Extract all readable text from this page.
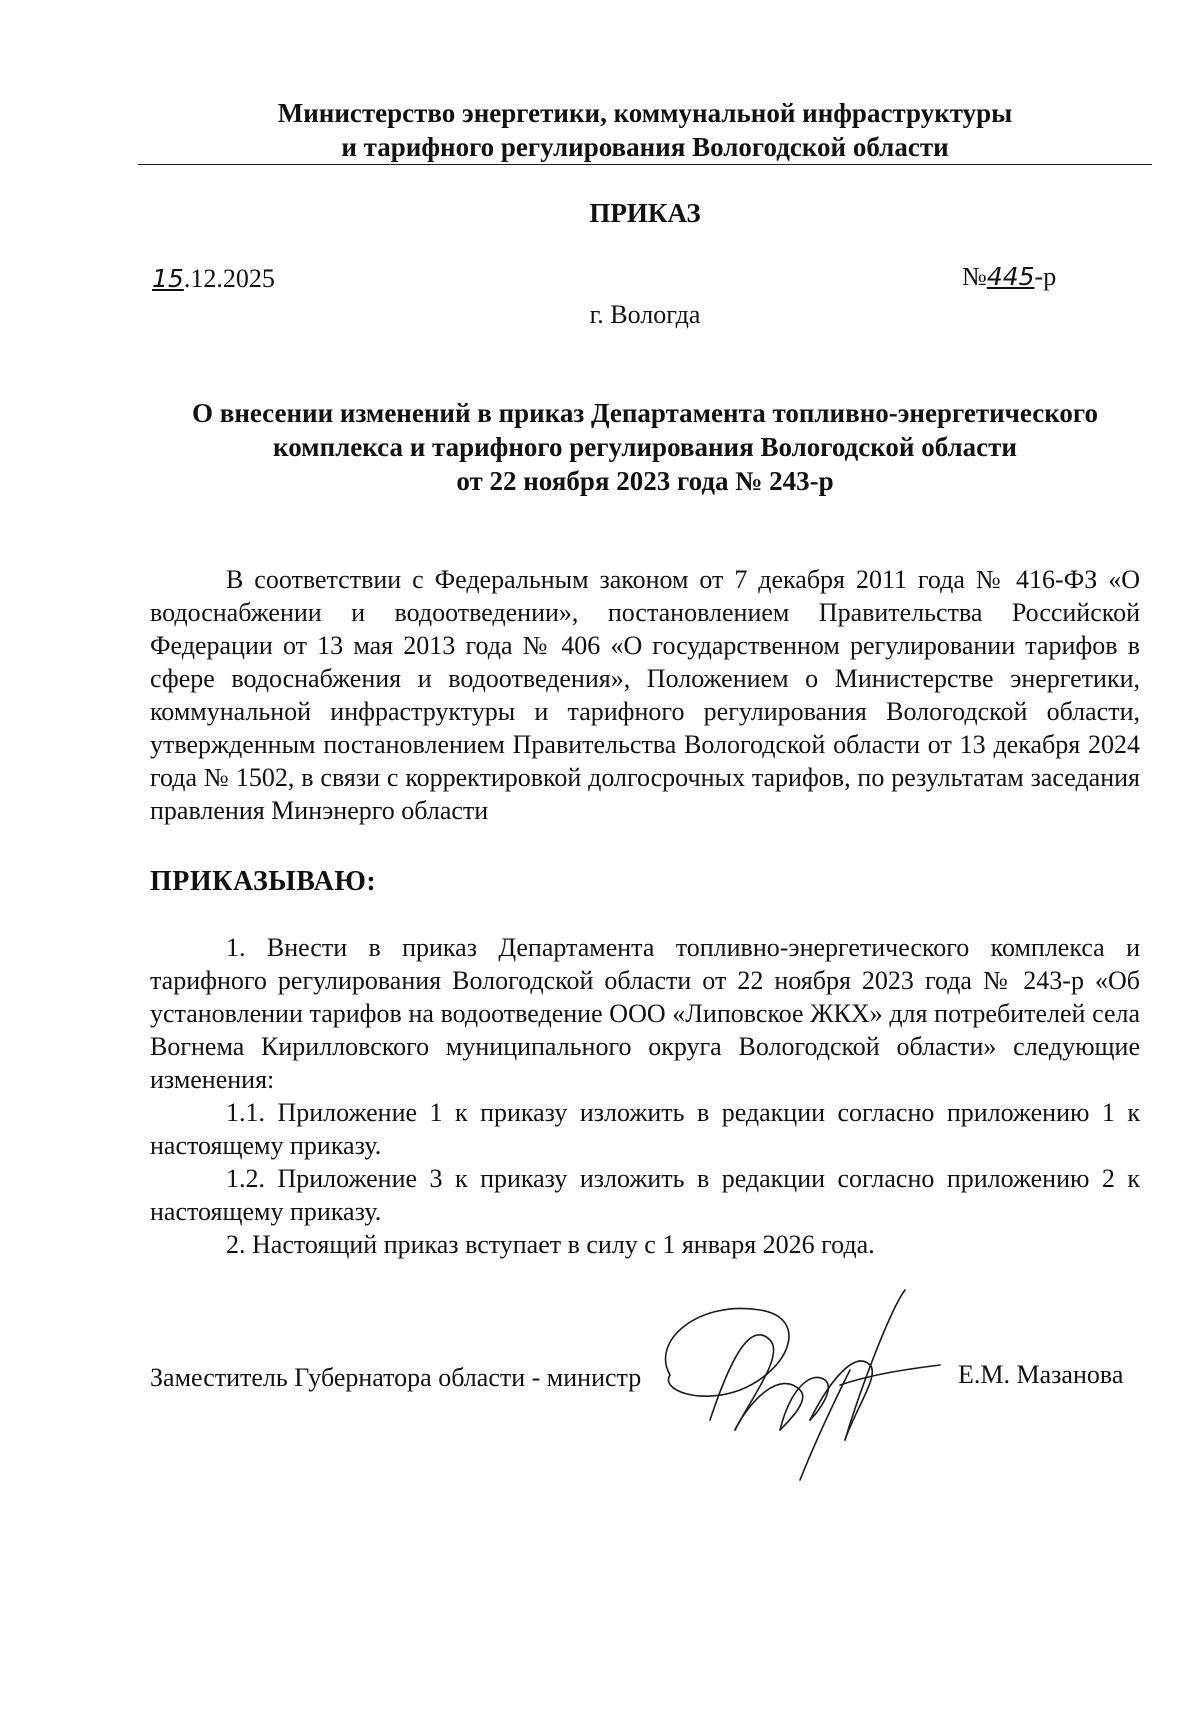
Министерство энергетики, коммунальной инфраструктуры
и тарифного регулирования Вологодской области
ПРИКАЗ
15.12.2025	№445-р
г. Вологда
О внесении изменений в приказ Департамента топливно-энергетического
комплекса и тарифного регулирования Вологодской области
от 22 ноября 2023 года № 243-р

В соответствии с Федеральным законом от 7 декабря 2011 года № 416-ФЗ «О водоснабжении и водоотведении», постановлением Правительства Российской Федерации от 13 мая 2013 года № 406 «О государственном регулировании тарифов в сфере водоснабжения и водоотведения», Положением о Министерстве энергетики, коммунальной инфраструктуры и тарифного регулирования Вологодской области, утвержденным постановлением Правительства Вологодской области от 13 декабря 2024 года № 1502, в связи с корректировкой долгосрочных тарифов, по результатам заседания правления Минэнерго области

ПРИКАЗЫВАЮ:

1. Внести в приказ Департамента топливно-энергетического комплекса и тарифного регулирования Вологодской области от 22 ноября 2023 года № 243-р «Об установлении тарифов на водоотведение ООО «Липовское ЖКХ» для потребителей села Вогнема Кирилловского муниципального округа Вологодской области» следующие изменения:

1.1. Приложение 1 к приказу изложить в редакции согласно приложению 1 к настоящему приказу.

1.2. Приложение 3 к приказу изложить в редакции согласно приложению 2 к настоящему приказу.

2. Настоящий приказ вступает в силу с 1 января 2026 года.

Заместитель Губернатора области - министр	Е.М. Мазанова
